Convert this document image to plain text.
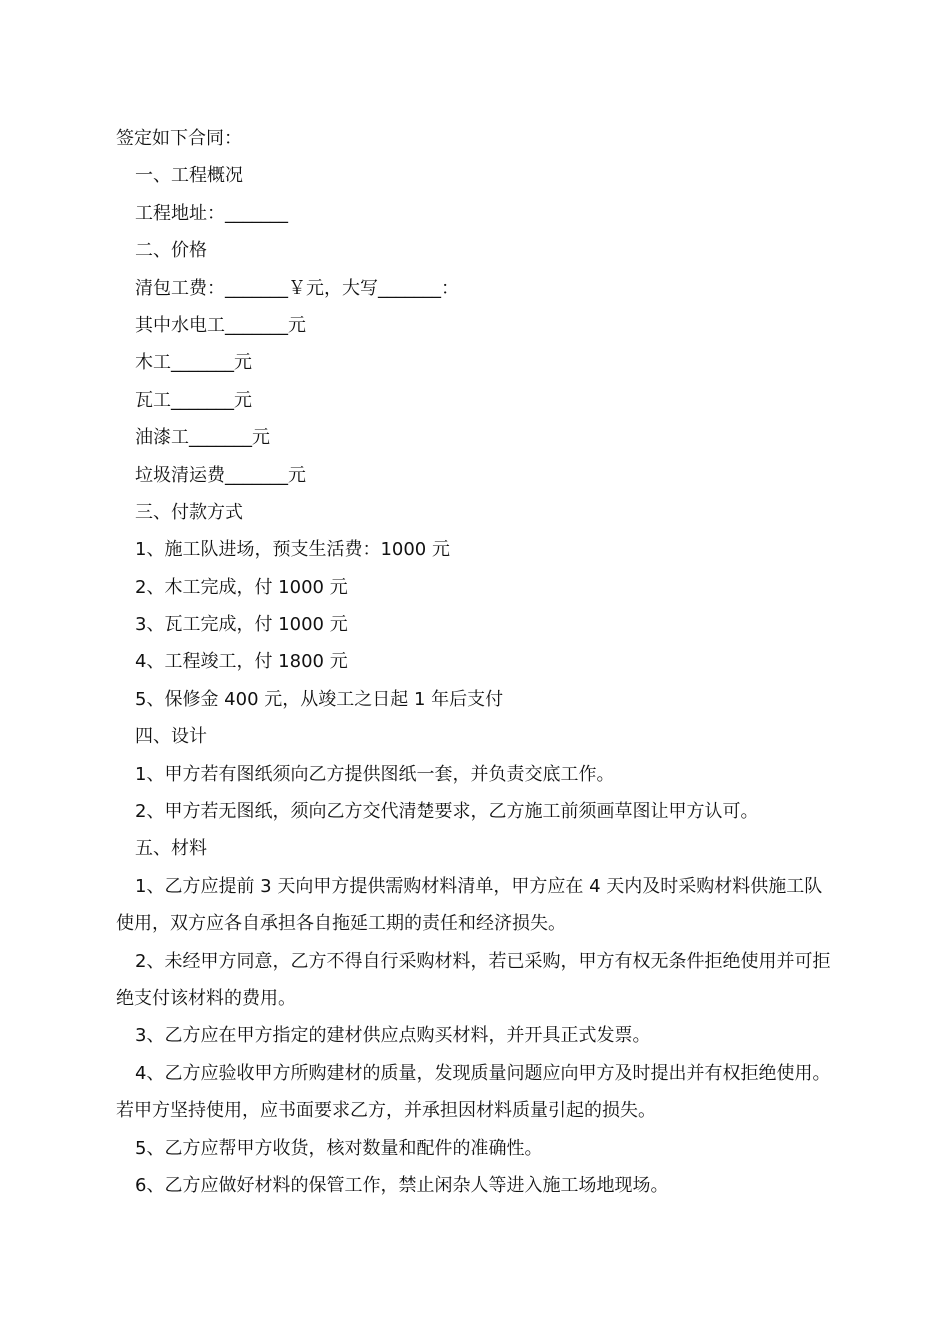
签定如下合同：
一、工程概况
工程地址：_______
二、价格
清包工费：_______￥元，大写_______：
其中水电工_______元
木工_______元
瓦工_______元
油漆工_______元
垃圾清运费_______元
三、付款方式
1、施工队进场，预支生活费：1000 元
2、木工完成，付 1000 元
3、瓦工完成，付 1000 元
4、工程竣工，付 1800 元
5、保修金 400 元，从竣工之日起 1 年后支付
四、设计
1、甲方若有图纸须向乙方提供图纸一套，并负责交底工作。
2、甲方若无图纸，须向乙方交代清楚要求，乙方施工前须画草图让甲方认可。
五、材料
1、乙方应提前 3 天向甲方提供需购材料清单，甲方应在 4 天内及时采购材料供施工队使用，双方应各自承担各自拖延工期的责任和经济损失。
2、未经甲方同意，乙方不得自行采购材料，若已采购，甲方有权无条件拒绝使用并可拒绝支付该材料的费用。
3、乙方应在甲方指定的建材供应点购买材料，并开具正式发票。
4、乙方应验收甲方所购建材的质量，发现质量问题应向甲方及时提出并有权拒绝使用。若甲方坚持使用，应书面要求乙方，并承担因材料质量引起的损失。
5、乙方应帮甲方收货，核对数量和配件的准确性。
6、乙方应做好材料的保管工作，禁止闲杂人等进入施工场地现场。
